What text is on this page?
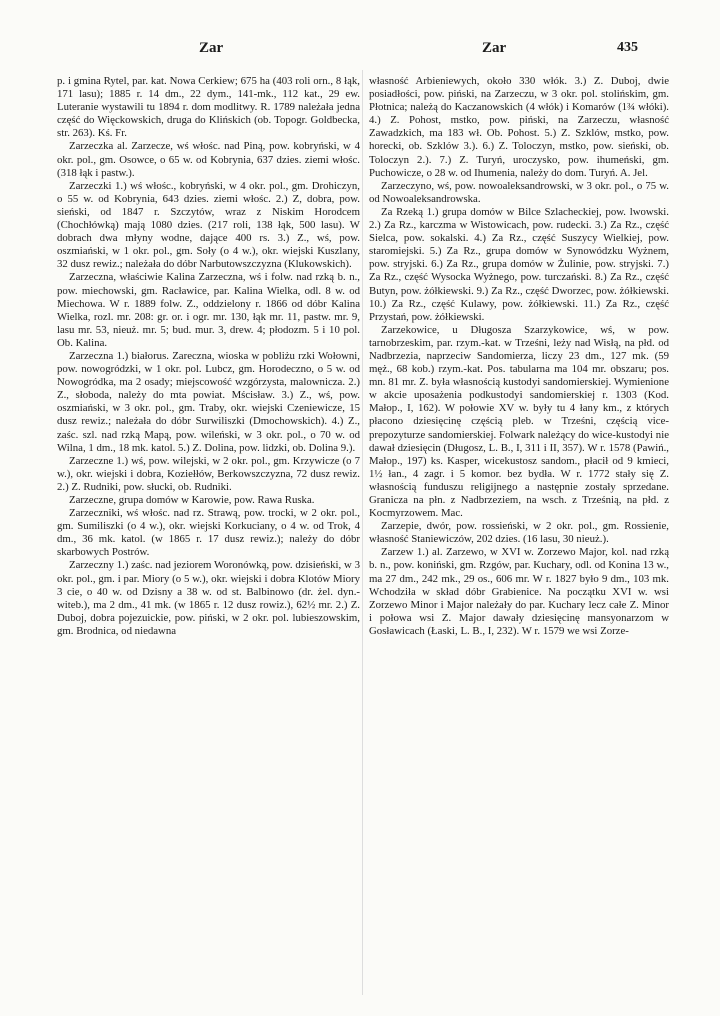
Zar	Zar	435

p. i gmina Rytel, par. kat. Nowa Cerkiew; 675 ha (403 roli orn., 8 łąk, 171 lasu); 1885 r. 14 dm., 22 dym., 141-mk., 112 kat., 29 ew. Luteranie wystawili tu 1894 r. dom modlitwy. R. 1789 należała jedna część do Więckowskich, druga do Klińskich (ob. Topogr. Goldbecka, str. 263). Kś. Fr.

Zarzeczka al. Zarzecze, wś włośc. nad Piną, pow. kobryński, w 4 okr. pol., gm. Osowce, o 65 w. od Kobrynia, 637 dzies. ziemi włośc. (318 łąk i pastw.).

Zarzeczki 1.) wś włośc., kobryński, w 4 okr. pol., gm. Drohiczyn, o 55 w. od Kobrynia, 643 dzies. ziemi włośc. 2.) Z, dobra, pow. sieński, od 1847 r. Szczytów, wraz z Niskim Horodcem (Chochłówką) mają 1080 dzies. (217 roli, 138 łąk, 500 lasu). W dobrach dwa młyny wodne, dające 400 rs. 3.) Z., wś, pow. oszmiański, w 1 okr. pol., gm. Soły (o 4 w.), okr. wiejski Kuszlany, 32 dusz rewiz.; należała do dóbr Narbutowszczyzna (Klukowskich).

Zarzeczna, właściwie Kalina Zarzeczna, wś i folw. nad rzką b. n., pow. miechowski, gm. Racławice, par. Kalina Wielka, odl. 8 w. od Miechowa. W r. 1889 folw. Z., oddzielony r. 1866 od dóbr Kalina Wielka, rozl. mr. 208: gr. or. i ogr. mr. 130, łąk mr. 11, pastw. mr. 9, lasu mr. 53, nieuż. mr. 5; bud. mur. 3, drew. 4; płodozm. 5 i 10 pol. Ob. Kalina.

Zarzeczna 1.) białorus. Zareczna, wioska w pobliżu rzki Wołowni, pow. nowogródzki, w 1 okr. pol. Lubcz, gm. Horodeczno, o 5 w. od Nowogródka, ma 2 osady; miejscowość wzgórzysta, malownicza. 2.) Z., słoboda, należy do mta powiat. Mścisław. 3.) Z., wś, pow. oszmiański, w 3 okr. pol., gm. Traby, okr. wiejski Czeniewicze, 15 dusz rewiz.; należała do dóbr Surwiliszki (Dmochowskich). 4.) Z., zaśc. szl. nad rzką Mapą, pow. wileński, w 3 okr. pol., o 70 w. od Wilna, 1 dm., 18 mk. katol. 5.) Z. Dolina, pow. lidzki, ob. Dolina 9.).

Zarzeczne 1.) wś, pow. wilejski, w 2 okr. pol., gm. Krzywicze (o 7 w.), okr. wiejski i dobra, Koziełłów, Berkowszczyzna, 72 dusz rewiz. 2.) Z. Rudniki, pow. słucki, ob. Rudniki.

Zarzeczne, grupa domów w Karowie, pow. Rawa Ruska.

Zarzeczniki, wś włośc. nad rz. Strawą, pow. trocki, w 2 okr. pol., gm. Sumiliszki (o 4 w.), okr. wiejski Korkuciany, o 4 w. od Trok, 4 dm., 36 mk. katol. (w 1865 r. 17 dusz rewiz.); należy do dóbr skarbowych Postrów.

Zarzeczny 1.) zaśc. nad jeziorem Woronówką, pow. dzisieński, w 3 okr. pol., gm. i par. Miory (o 5 w.), okr. wiejski i dobra Klotów Miory 3 cie, o 40 w. od Dzisny a 38 w. od st. Balbinowo (dr. żel. dyn.-witeb.), ma 2 dm., 41 mk. (w 1865 r. 12 dusz rowiz.), 62½ mr. 2.) Z. Duboj, dobra pojezuickie, pow. piński, w 2 okr. pol. lubieszowskim, gm. Brodnica, od niedawna

własność Arbieniewych, około 330 włók. 3.) Z. Duboj, dwie posiadłości, pow. piński, na Zarzeczu, w 3 okr. pol. stolińskim, gm. Płotnica; należą do Kaczanowskich (4 włók) i Komarów (1¾ włóki). 4.) Z. Pohost, mstko, pow. piński, na Zarzeczu, własność Zawadzkich, ma 183 wł. Ob. Pohost. 5.) Z. Szklów, mstko, pow. horecki, ob. Szklów 3.). 6.) Z. Toloczyn, mstko, pow. sieński, ob. Toloczyn 2.). 7.) Z. Turyń, uroczysko, pow. ihumeński, gm. Puchowicze, o 28 w. od Ihumenia, należy do dom. Turyń. A. Jel.

Zarzeczyno, wś, pow. nowoaleksandrowski, w 3 okr. pol., o 75 w. od Nowoaleksandrowska.

Za Rzeką 1.) grupa domów w Bilce Szlacheckiej, pow. lwowski. 2.) Za Rz., karczma w Wistowicach, pow. rudecki. 3.) Za Rz., część Sielca, pow. sokalski. 4.) Za Rz., część Suszycy Wielkiej, pow. staromiejski. 5.) Za Rz., grupa domów w Synowódzku Wyżnem, pow. stryjski. 6.) Za Rz., grupa domów w Żulinie, pow. stryjski. 7.) Za Rz., część Wysocka Wyżnego, pow. turczański. 8.) Za Rz., część Butyn, pow. żółkiewski. 9.) Za Rz., część Dworzec, pow. żółkiewski. 10.) Za Rz., część Kulawy, pow. żółkiewski. 11.) Za Rz., część Przystań, pow. żółkiewski.

Zarzekowice, u Długosza Szarzykowice, wś, w pow. tarnobrzeskim, par. rzym.-kat. w Trześni, leży nad Wisłą, na płd. od Nadbrzezia, naprzeciw Sandomierza, liczy 23 dm., 127 mk. (59 męż., 68 kob.) rzym.-kat. Pos. tabularna ma 104 mr. obszaru; pos. mn. 81 mr. Z. była własnością kustodyi sandomierskiej. Wymienione w akcie uposażenia podkustodyi sandomierskiej r. 1303 (Kod. Małop., I, 162). W połowie XV w. były tu 4 łany km., z których płacono dziesięcinę częścią pleb. w Trześni, częścią vice-prepozyturze sandomierskiej. Folwark należący do wice-kustodyi nie dawał dziesięcin (Długosz, L. B., I, 311 i II, 357). W r. 1578 (Pawiń., Małop., 197) ks. Kasper, wicekustosz sandom., płacił od 9 kmieci, 1½ łan., 4 zagr. i 5 komor. bez bydła. W r. 1772 stały się Z. własnością funduszu religijnego a następnie zostały sprzedane. Granicza na płn. z Nadbrzeziem, na wsch. z Trześnią, na płd. z Kocmyrzowem. Mac.

Zarzepie, dwór, pow. rossieński, w 2 okr. pol., gm. Rossienie, własność Staniewiczów, 202 dzies. (16 lasu, 30 nieuż.).

Zarzew 1.) al. Zarzewo, w XVI w. Zorzewo Major, kol. nad rzką b. n., pow. koniński, gm. Rzgów, par. Kuchary, odl. od Konina 13 w., ma 27 dm., 242 mk., 29 os., 606 mr. W r. 1827 było 9 dm., 103 mk. Wchodziła w skład dóbr Grabienice. Na początku XVI w. wsi Zorzewo Minor i Major należały do par. Kuchary lecz całe Z. Minor i połowa wsi Z. Major dawały dziesięcinę mansyonarzom w Gosławicach (Łaski, L. B., I, 232). W r. 1579 we wsi Zorze-
